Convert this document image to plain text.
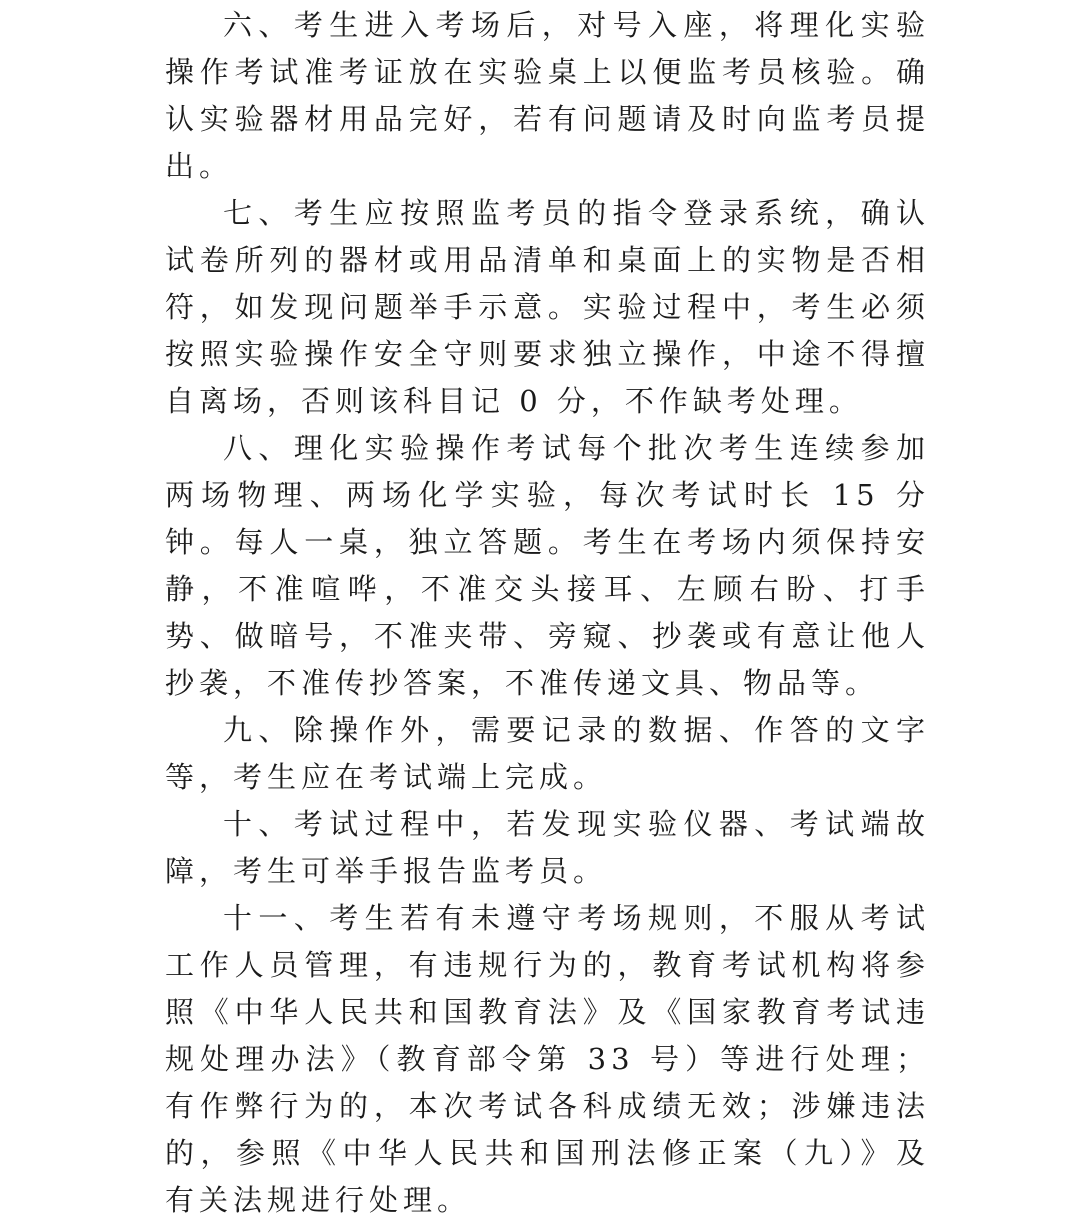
六、考生进入考场后，对号入座，将理化实验操作考试准考证放在实验桌上以便监考员核验。确认实验器材用品完好，若有问题请及时向监考员提出。

七、考生应按照监考员的指令登录系统，确认试卷所列的器材或用品清单和桌面上的实物是否相符，如发现问题举手示意。实验过程中，考生必须按照实验操作安全守则要求独立操作，中途不得擅自离场，否则该科目记 0 分，不作缺考处理。

八、理化实验操作考试每个批次考生连续参加两场物理、两场化学实验，每次考试时长 15 分钟。每人一桌，独立答题。考生在考场内须保持安静，不准喧哗，不准交头接耳、左顾右盼、打手势、做暗号，不准夹带、旁窥、抄袭或有意让他人抄袭，不准传抄答案，不准传递文具、物品等。

九、除操作外，需要记录的数据、作答的文字等，考生应在考试端上完成。

十、考试过程中，若发现实验仪器、考试端故障，考生可举手报告监考员。

十一、考生若有未遵守考场规则，不服从考试工作人员管理，有违规行为的，教育考试机构将参照《中华人民共和国教育法》及《国家教育考试违规处理办法》（教育部令第 33 号）等进行处理；有作弊行为的，本次考试各科成绩无效；涉嫌违法的，参照《中华人民共和国刑法修正案（九）》及有关法规进行处理。
